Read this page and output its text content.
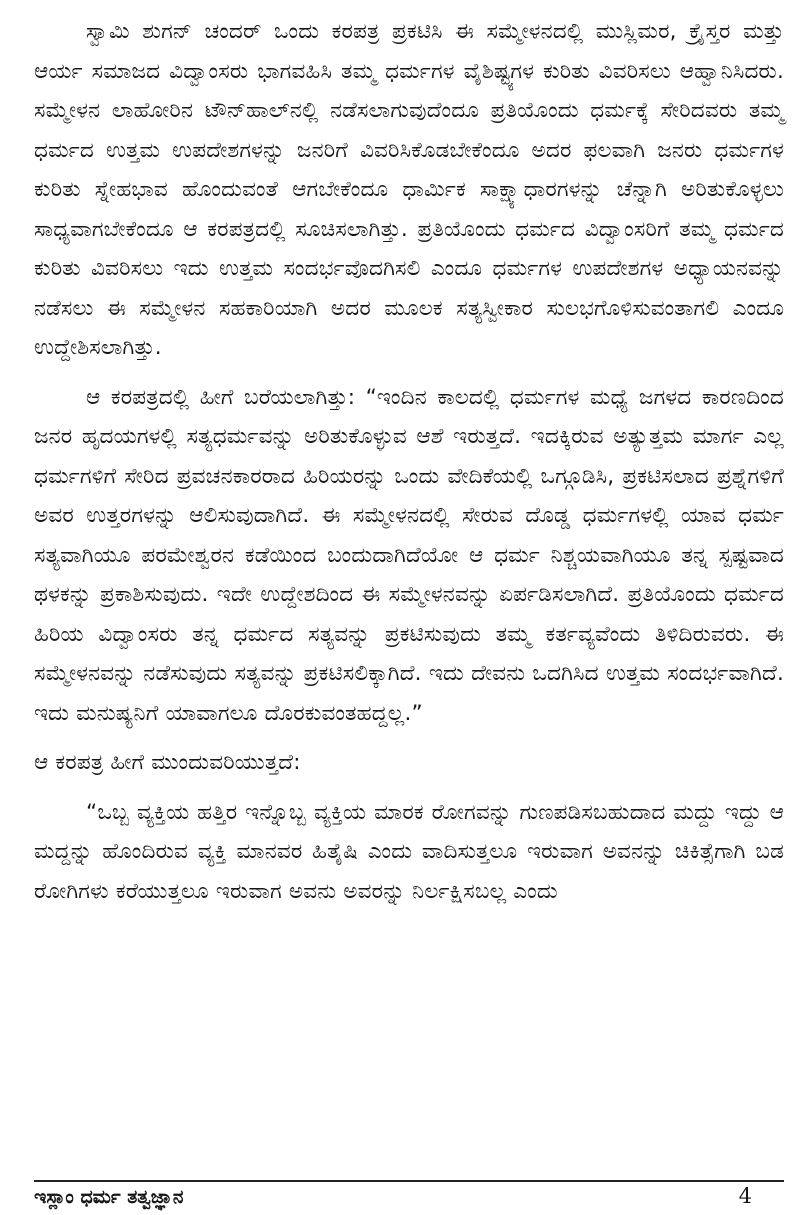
ಸ್ವಾಮಿ ಶುಗನ್ ಚಂದರ್ ಒಂದು ಕರಪತ್ರ ಪ್ರಕಟಿಸಿ ಈ ಸಮ್ಮೇಳನದಲ್ಲಿ ಮುಸ್ಲಿಮರ, ಕ್ರೈಸ್ತರ ಮತ್ತು ಆರ್ಯ ಸಮಾಜದ ವಿದ್ವಾಂಸರು ಭಾಗವಹಿಸಿ ತಮ್ಮ ಧರ್ಮಗಳ ವೈಶಿಷ್ಟ್ಯಗಳ ಕುರಿತು ವಿವರಿಸಲು ಆಹ್ವಾನಿಸಿದರು. ಸಮ್ಮೇಳನ ಲಾಹೋರಿನ ಟೌನ್‌ಹಾಲ್‌ನಲ್ಲಿ ನಡೆಸಲಾಗುವುದೆಂದೂ ಪ್ರತಿಯೊಂದು ಧರ್ಮಕ್ಕೆ ಸೇರಿದವರು ತಮ್ಮ ಧರ್ಮದ ಉತ್ತಮ ಉಪದೇಶಗಳನ್ನು ಜನರಿಗೆ ವಿವರಿಸಿಕೊಡಬೇಕೆಂದೂ ಅದರ ಫಲವಾಗಿ ಜನರು ಧರ್ಮಗಳ ಕುರಿತು ಸ್ನೇಹಭಾವ ಹೊಂದುವಂತೆ ಆಗಬೇಕೆಂದೂ ಧಾರ್ಮಿಕ ಸಾಕ್ಷ್ಯಾಧಾರಗಳನ್ನು ಚೆನ್ನಾಗಿ ಅರಿತುಕೊಳ್ಳಲು ಸಾಧ್ಯವಾಗಬೇಕೆಂದೂ ಆ ಕರಪತ್ರದಲ್ಲಿ ಸೂಚಿಸಲಾಗಿತ್ತು. ಪ್ರತಿಯೊಂದು ಧರ್ಮದ ವಿದ್ವಾಂಸರಿಗೆ ತಮ್ಮ ಧರ್ಮದ ಕುರಿತು ವಿವರಿಸಲು ಇದು ಉತ್ತಮ ಸಂದರ್ಭವೊದಗಿಸಲಿ ಎಂದೂ ಧರ್ಮಗಳ ಉಪದೇಶಗಳ ಅಧ್ಯಾಯನವನ್ನು ನಡೆಸಲು ಈ ಸಮ್ಮೇಳನ ಸಹಕಾರಿಯಾಗಿ ಅದರ ಮೂಲಕ ಸತ್ಯಸ್ವೀಕಾರ ಸುಲಭಗೊಳಿಸುವಂತಾಗಲಿ ಎಂದೂ ಉದ್ದೇಶಿಸಲಾಗಿತ್ತು.

ಆ ಕರಪತ್ರದಲ್ಲಿ ಹೀಗೆ ಬರೆಯಲಾಗಿತ್ತು: “ಇಂದಿನ ಕಾಲದಲ್ಲಿ ಧರ್ಮಗಳ ಮಧ್ಯೆ ಜಗಳದ ಕಾರಣದಿಂದ ಜನರ ಹೃದಯಗಳಲ್ಲಿ ಸತ್ಯಧರ್ಮವನ್ನು ಅರಿತುಕೊಳ್ಳುವ ಆಶೆ ಇರುತ್ತದೆ. ಇದಕ್ಕಿರುವ ಅತ್ಯುತ್ತಮ ಮಾರ್ಗ ಎಲ್ಲ ಧರ್ಮಗಳಿಗೆ ಸೇರಿದ ಪ್ರವಚನಕಾರರಾದ ಹಿರಿಯರನ್ನು ಒಂದು ವೇದಿಕೆಯಲ್ಲಿ ಒಗ್ಗೂಡಿಸಿ, ಪ್ರಕಟಿಸಲಾದ ಪ್ರಶ್ನೆಗಳಿಗೆ ಅವರ ಉತ್ತರಗಳನ್ನು ಆಲಿಸುವುದಾಗಿದೆ. ಈ ಸಮ್ಮೇಳನದಲ್ಲಿ ಸೇರುವ ದೊಡ್ಡ ಧರ್ಮಗಳಲ್ಲಿ ಯಾವ ಧರ್ಮ ಸತ್ಯವಾಗಿಯೂ ಪರಮೇಶ್ವರನ ಕಡೆಯಿಂದ ಬಂದುದಾಗಿದೆಯೋ ಆ ಧರ್ಮ ನಿಶ್ಚಯವಾಗಿಯೂ ತನ್ನ ಸ್ಪಷ್ಟವಾದ ಥಳಕನ್ನು ಪ್ರಕಾಶಿಸುವುದು. ಇದೇ ಉದ್ದೇಶದಿಂದ ಈ ಸಮ್ಮೇಳನವನ್ನು ಏರ್ಪಡಿಸಲಾಗಿದೆ. ಪ್ರತಿಯೊಂದು ಧರ್ಮದ ಹಿರಿಯ ವಿದ್ವಾಂಸರು ತನ್ನ ಧರ್ಮದ ಸತ್ಯವನ್ನು ಪ್ರಕಟಿಸುವುದು ತಮ್ಮ ಕರ್ತವ್ಯವೆಂದು ತಿಳಿದಿರುವರು. ಈ ಸಮ್ಮೇಳನವನ್ನು ನಡೆಸುವುದು ಸತ್ಯವನ್ನು ಪ್ರಕಟಿಸಲಿಕ್ಕಾಗಿದೆ. ಇದು ದೇವನು ಒದಗಿಸಿದ ಉತ್ತಮ ಸಂದರ್ಭವಾಗಿದೆ. ಇದು ಮನುಷ್ಯನಿಗೆ ಯಾವಾಗಲೂ ದೊರಕುವಂತಹದ್ದಲ್ಲ.”

ಆ ಕರಪತ್ರ ಹೀಗೆ ಮುಂದುವರಿಯುತ್ತದೆ:

“ಒಬ್ಬ ವ್ಯಕ್ತಿಯ ಹತ್ತಿರ ಇನ್ನೊಬ್ಬ ವ್ಯಕ್ತಿಯ ಮಾರಕ ರೋಗವನ್ನು ಗುಣಪಡಿಸಬಹುದಾದ ಮದ್ದು ಇದ್ದು ಆ ಮದ್ದನ್ನು ಹೊಂದಿರುವ ವ್ಯಕ್ತಿ ಮಾನವರ ಹಿತೈಷಿ ಎಂದು ವಾದಿಸುತ್ತಲೂ ಇರುವಾಗ ಅವನನ್ನು ಚಿಕಿತ್ಸೆಗಾಗಿ ಬಡ ರೋಗಿಗಳು ಕರೆಯುತ್ತಲೂ ಇರುವಾಗ ಅವನು ಅವರನ್ನು ನಿರ್ಲಕ್ಷಿಸಬಲ್ಲ ಎಂದು

ಇಸ್ಲಾಂ ಧರ್ಮ ತತ್ವಜ್ಞಾನ	4
